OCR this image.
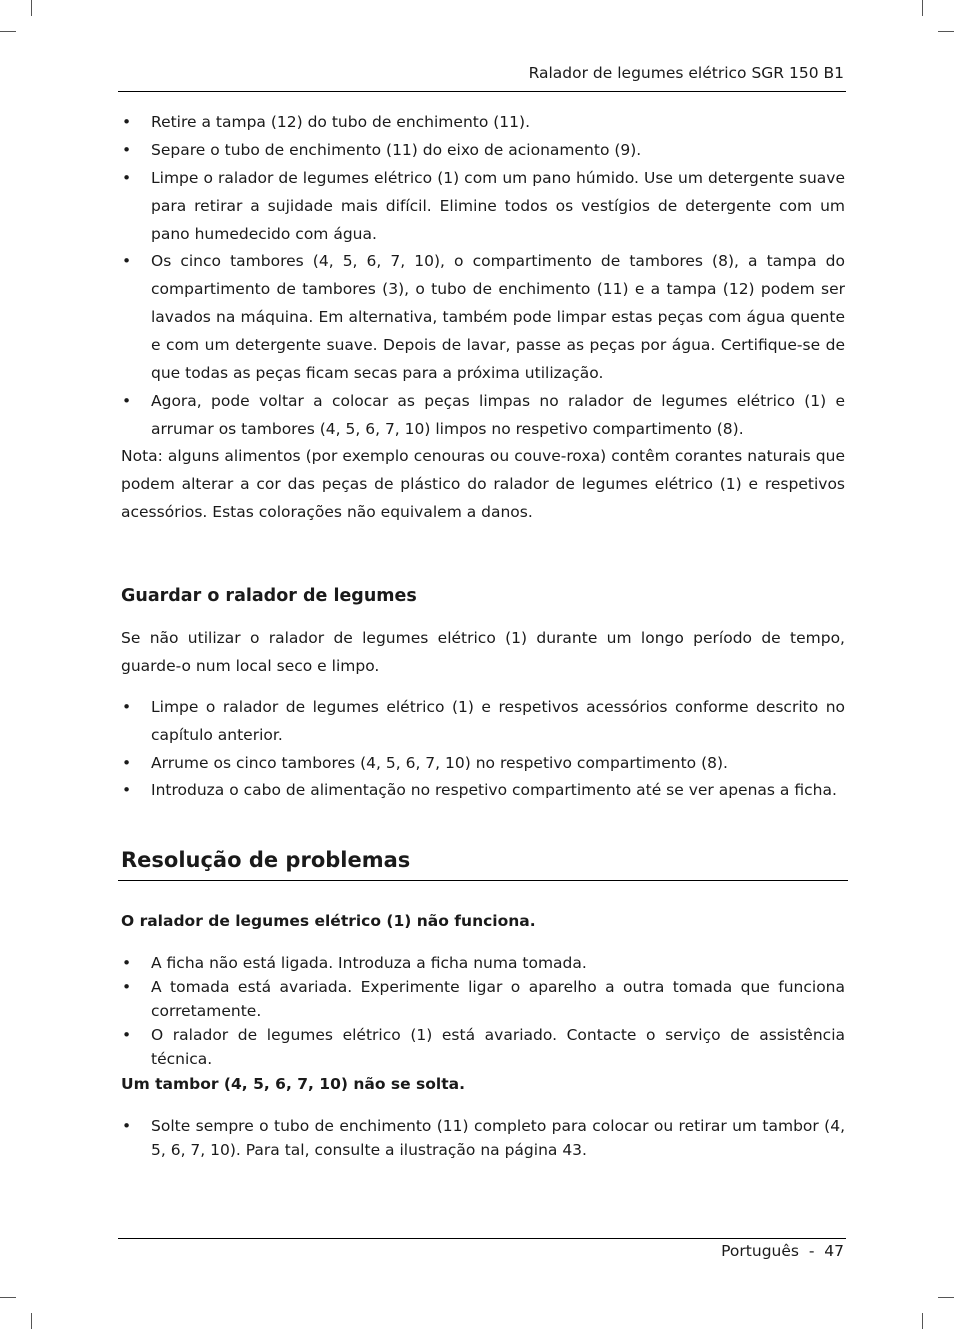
Ralador de legumes elétrico SGR 150 B1
• Retire a tampa (12) do tubo de enchimento (11).
• Separe o tubo de enchimento (11) do eixo de acionamento (9).
• Limpe o ralador de legumes elétrico (1) com um pano húmido. Use um detergente suave para retirar a sujidade mais difícil. Elimine todos os vestígios de detergente com um pano humedecido com água.
• Os cinco tambores (4, 5, 6, 7, 10), o compartimento de tambores (8), a tampa do compartimento de tambores (3), o tubo de enchimento (11) e a tampa (12) podem ser lavados na máquina. Em alternativa, também pode limpar estas peças com água quente e com um detergente suave. Depois de lavar, passe as peças por água. Certifique-se de que todas as peças ficam secas para a próxima utilização.
• Agora, pode voltar a colocar as peças limpas no ralador de legumes elétrico (1) e arrumar os tambores (4, 5, 6, 7, 10) limpos no respetivo compartimento (8).
Nota: alguns alimentos (por exemplo cenouras ou couve-roxa) contêm corantes naturais que podem alterar a cor das peças de plástico do ralador de legumes elétrico (1) e respetivos acessórios. Estas colorações não equivalem a danos.
Guardar o ralador de legumes
Se não utilizar o ralador de legumes elétrico (1) durante um longo período de tempo, guarde-o num local seco e limpo.
• Limpe o ralador de legumes elétrico (1) e respetivos acessórios conforme descrito no capítulo anterior.
• Arrume os cinco tambores (4, 5, 6, 7, 10) no respetivo compartimento (8).
• Introduza o cabo de alimentação no respetivo compartimento até se ver apenas a ficha.
Resolução de problemas
O ralador de legumes elétrico (1) não funciona.
• A ficha não está ligada. Introduza a ficha numa tomada.
• A tomada está avariada. Experimente ligar o aparelho a outra tomada que funciona corretamente.
• O ralador de legumes elétrico (1) está avariado. Contacte o serviço de assistência técnica.
Um tambor (4, 5, 6, 7, 10) não se solta.
• Solte sempre o tubo de enchimento (11) completo para colocar ou retirar um tambor (4, 5, 6, 7, 10). Para tal, consulte a ilustração na página 43.
Português  -  47
